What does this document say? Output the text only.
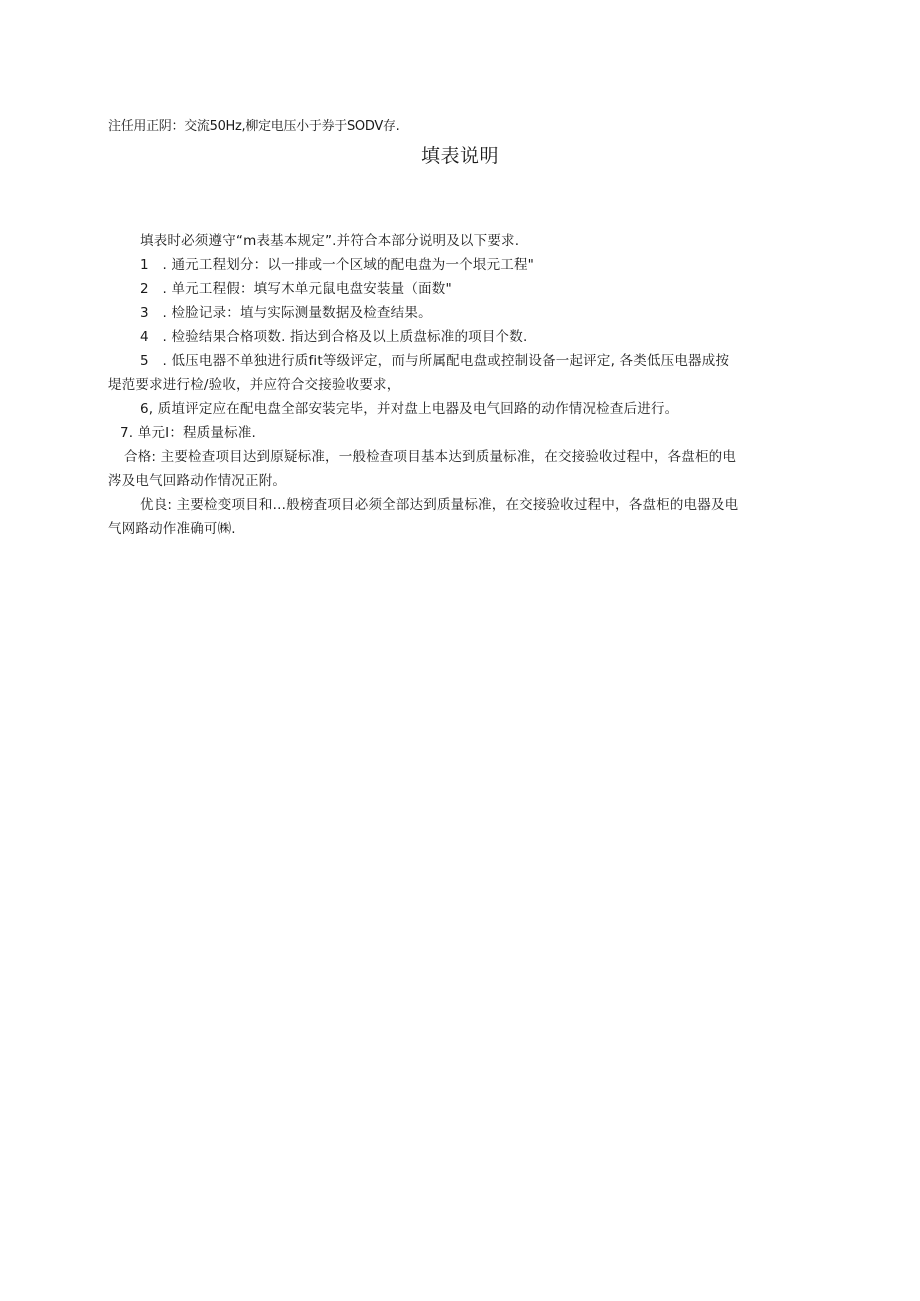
注任用正阴：交流50Hz,柳定电压小于券于SODV存.
填表说明
填表时必须遵守“m表基本规定”.并符合本部分说明及以下要求.
1　. 通元工程划分：以一排或一个区域的配电盘为一个垠元工程"
2　. 单元工程假：填写木单元鼠电盘安装量（面数"
3　. 检脸记录：埴与实际测量数据及检查结果。
4　. 检验结果合格项数. 指达到合格及以上质盘标准的项目个数.
5　. 低压电器不单独进行质fit等级评定，而与所属配电盘或控制设备一起评定, 各类低压电器成按
堤范要求进行检/验收，并应符合交接验收要求，
6, 质埴评定应在配电盘全部安装完毕，并对盘上电器及电气回路的动作情况检查后进行。
7. 单元I：程质量标准.
合格: 主要检查项目达到原疑标准，一般检查项目基本达到质量标准，在交接验收过程中，各盘柜的电
涔及电气回路动作情况正附。
优良: 主要检变项目和…般榜査项目必须全部达到质量标准，在交接验收过程中，各盘柜的电器及电
气网路动作准确可㈱.
